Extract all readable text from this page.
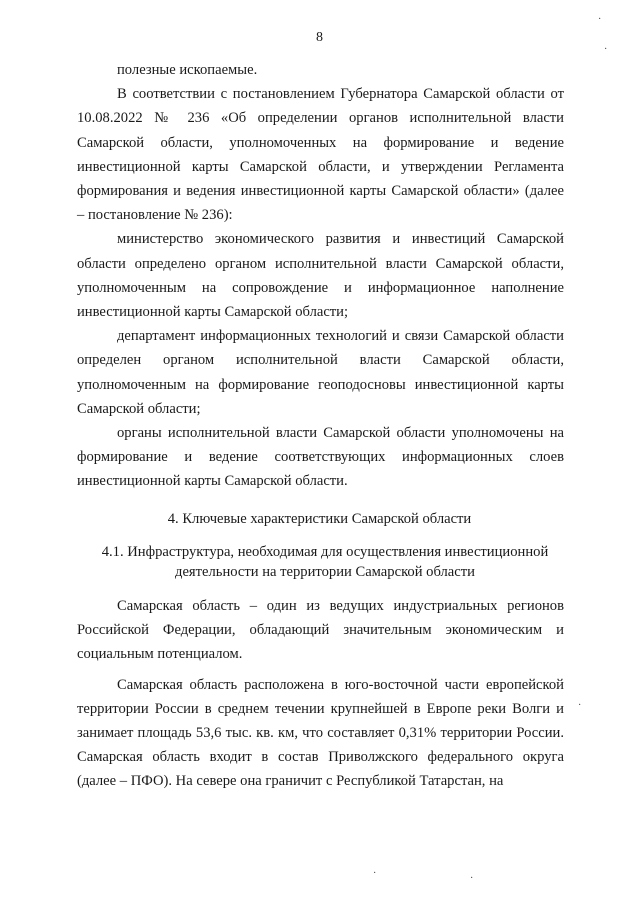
8

полезные ископаемые.

В соответствии с постановлением Губернатора Самарской области от 10.08.2022 № 236 «Об определении органов исполнительной власти Самарской области, уполномоченных на формирование и ведение инвестиционной карты Самарской области, и утверждении Регламента формирования и ведения инвестиционной карты Самарской области» (далее – постановление № 236):

министерство экономического развития и инвестиций Самарской области определено органом исполнительной власти Самарской области, уполномоченным на сопровождение и информационное наполнение инвестиционной карты Самарской области;

департамент информационных технологий и связи Самарской области определен органом исполнительной власти Самарской области, уполномоченным на формирование геоподосновы инвестиционной карты Самарской области;

органы исполнительной власти Самарской области уполномочены на формирование и ведение соответствующих информационных слоев инвестиционной карты Самарской области.

4. Ключевые характеристики Самарской области
4.1. Инфраструктура, необходимая для осуществления инвестиционной
деятельности на территории Самарской области

Самарская область – один из ведущих индустриальных регионов Российской Федерации, обладающий значительным экономическим и социальным потенциалом.

Самарская область расположена в юго-восточной части европейской территории России в среднем течении крупнейшей в Европе реки Волги и занимает площадь 53,6 тыс. кв. км, что составляет 0,31% территории России. Самарская область входит в состав Приволжского федерального округа (далее – ПФО). На севере она граничит с Республикой Татарстан, на

·
·
·
·	·
